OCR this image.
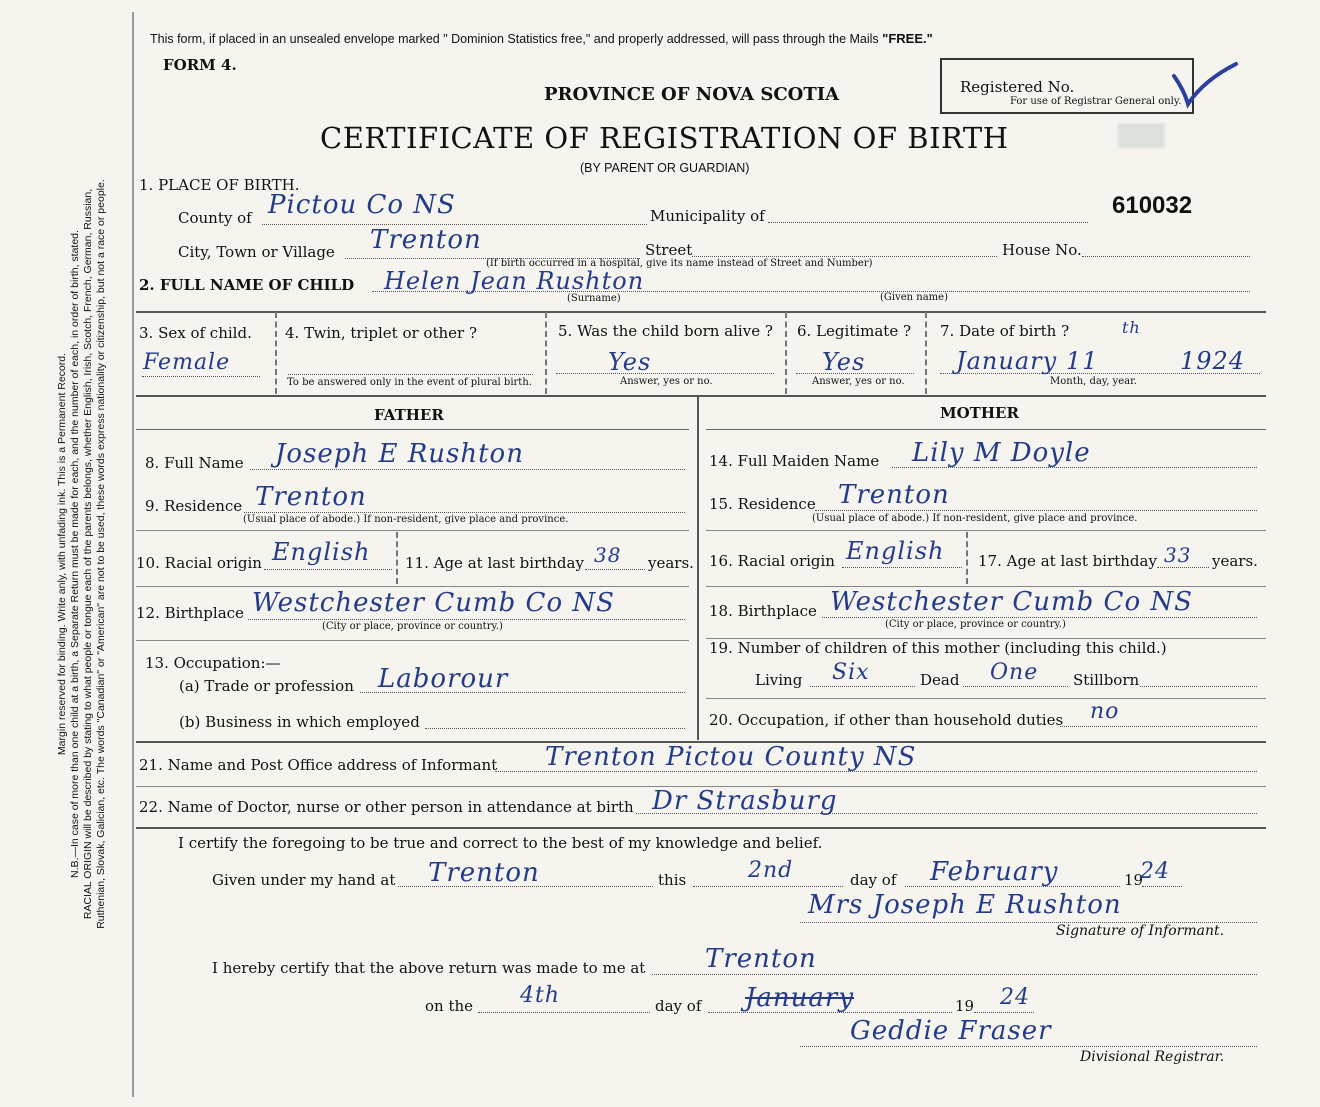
Margin reserved for binding. Write anly, with unfading ink. This is a Permanent Record. N.B.—In case of more than one child at a birth, a Separate Return must be made for each, and the number of each, in order of birth, stated. RACIAL ORIGIN will be described by stating to what people or tongue each of the parents belongs, whether English, Irish, Scotch, French, German, Russian, Ruthenian, Slovak, Galician, etc. The words "Canadian" or "American" are not to be used, these words express nationality or citizenship, but not a race or people.
This form, if placed in an unsealed envelope marked " Dominion Statistics free," and properly addressed, will pass through the Mails "FREE."
FORM 4.
PROVINCE OF NOVA SCOTIA
CERTIFICATE OF REGISTRATION OF BIRTH
(BY PARENT OR GUARDIAN)
Registered No.
For use of Registrar General only.
▒▒▒
610032
1. PLACE OF BIRTH.
County of Pictou Co NS	Municipality of
City, Town or Village Trenton	Street	House No.
(If birth occurred in a hospital, give its name instead of Street and Number)
2. FULL NAME OF CHILD Helen Jean Rushton
(Surname)	(Given name)
3. Sex of child.
Female
4. Twin, triplet or other ?
To be answered only in the event of plural birth.
5. Was the child born alive ?
Yes
Answer, yes or no.
6. Legitimate ?
Yes
Answer, yes or no.
7. Date of birth ?	th
January 11	1924
Month, day, year.
FATHER	MOTHER
8. Full Name Joseph E Rushton
9. Residence Trenton
(Usual place of abode.) If non-resident, give place and province.
10. Racial origin English 11. Age at last birthday 38 years.
12. Birthplace Westchester Cumb Co NS
(City or place, province or country.)
13. Occupation:—
(a) Trade or profession Laborour
(b) Business in which employed
14. Full Maiden Name Lily M Doyle
15. Residence Trenton
(Usual place of abode.) If non-resident, give place and province.
16. Racial origin English 17. Age at last birthday 33 years.
18. Birthplace Westchester Cumb Co NS
(City or place, province or country.)
19. Number of children of this mother (including this child.)
Living Six	Dead One Stillborn
20. Occupation, if other than household duties no
21. Name and Post Office address of Informant Trenton Pictou County NS
22. Name of Doctor, nurse or other person in attendance at birth Dr Strasburg
I certify the foregoing to be true and correct to the best of my knowledge and belief.
Given under my hand at Trenton	this	2nd	day of February	19
24
Mrs Joseph E Rushton
Signature of Informant.
I hereby certify that the above return was made to me at Trenton
on the 4th	day of January	19 24
Geddie Fraser
Divisional Registrar.
